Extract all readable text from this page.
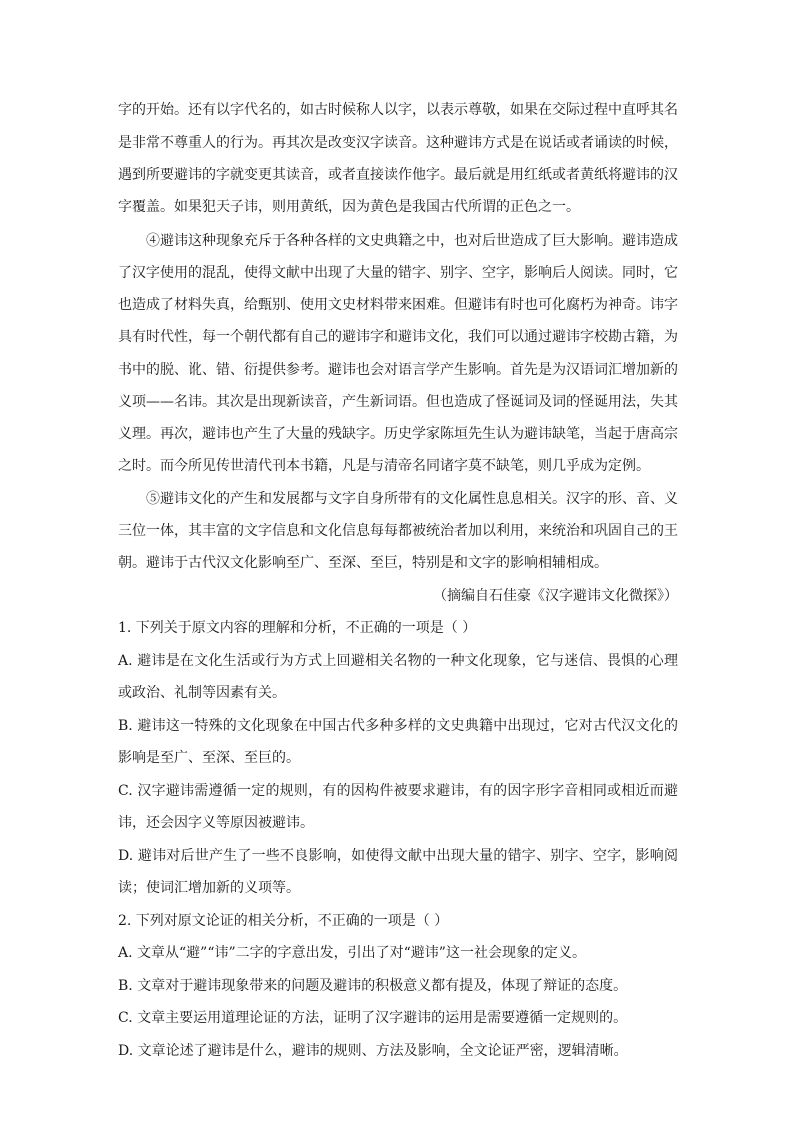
字的开始。还有以字代名的，如古时候称人以字，以表示尊敬，如果在交际过程中直呼其名
是非常不尊重人的行为。再其次是改变汉字读音。这种避讳方式是在说话或者诵读的时候，
遇到所要避讳的字就变更其读音，或者直接读作他字。最后就是用红纸或者黄纸将避讳的汉
字覆盖。如果犯天子讳，则用黄纸，因为黄色是我国古代所谓的正色之一。
④避讳这种现象充斥于各种各样的文史典籍之中，也对后世造成了巨大影响。避讳造成
了汉字使用的混乱，使得文献中出现了大量的错字、别字、空字，影响后人阅读。同时，它
也造成了材料失真，给甄别、使用文史材料带来困难。但避讳有时也可化腐朽为神奇。讳字
具有时代性，每一个朝代都有自己的避讳字和避讳文化，我们可以通过避讳字校勘古籍，为
书中的脱、讹、错、衍提供参考。避讳也会对语言学产生影响。首先是为汉语词汇增加新的
义项——名讳。其次是出现新读音，产生新词语。但也造成了怪诞词及词的怪诞用法，失其
义理。再次，避讳也产生了大量的残缺字。历史学家陈垣先生认为避讳缺笔，当起于唐高宗
之时。而今所见传世清代刊本书籍，凡是与清帝名同诸字莫不缺笔，则几乎成为定例。
⑤避讳文化的产生和发展都与文字自身所带有的文化属性息息相关。汉字的形、音、义
三位一体，其丰富的文字信息和文化信息每每都被统治者加以利用，来统治和巩固自己的王
朝。避讳于古代汉文化影响至广、至深、至巨，特别是和文字的影响相辅相成。
（摘编自石佳豪《汉字避讳文化微探》）
1. 下列关于原文内容的理解和分析，不正确的一项是（ ）
A. 避讳是在文化生活或行为方式上回避相关名物的一种文化现象，它与迷信、畏惧的心理
或政治、礼制等因素有关。
B. 避讳这一特殊的文化现象在中国古代多种多样的文史典籍中出现过，它对古代汉文化的
影响是至广、至深、至巨的。
C. 汉字避讳需遵循一定的规则，有的因构件被要求避讳，有的因字形字音相同或相近而避
讳，还会因字义等原因被避讳。
D. 避讳对后世产生了一些不良影响，如使得文献中出现大量的错字、别字、空字，影响阅
读；使词汇增加新的义项等。
2. 下列对原文论证的相关分析，不正确的一项是（ ）
A. 文章从“避”“讳”二字的字意出发，引出了对“避讳”这一社会现象的定义。
B. 文章对于避讳现象带来的问题及避讳的积极意义都有提及，体现了辩证的态度。
C. 文章主要运用道理论证的方法，证明了汉字避讳的运用是需要遵循一定规则的。
D. 文章论述了避讳是什么，避讳的规则、方法及影响，全文论证严密，逻辑清晰。
